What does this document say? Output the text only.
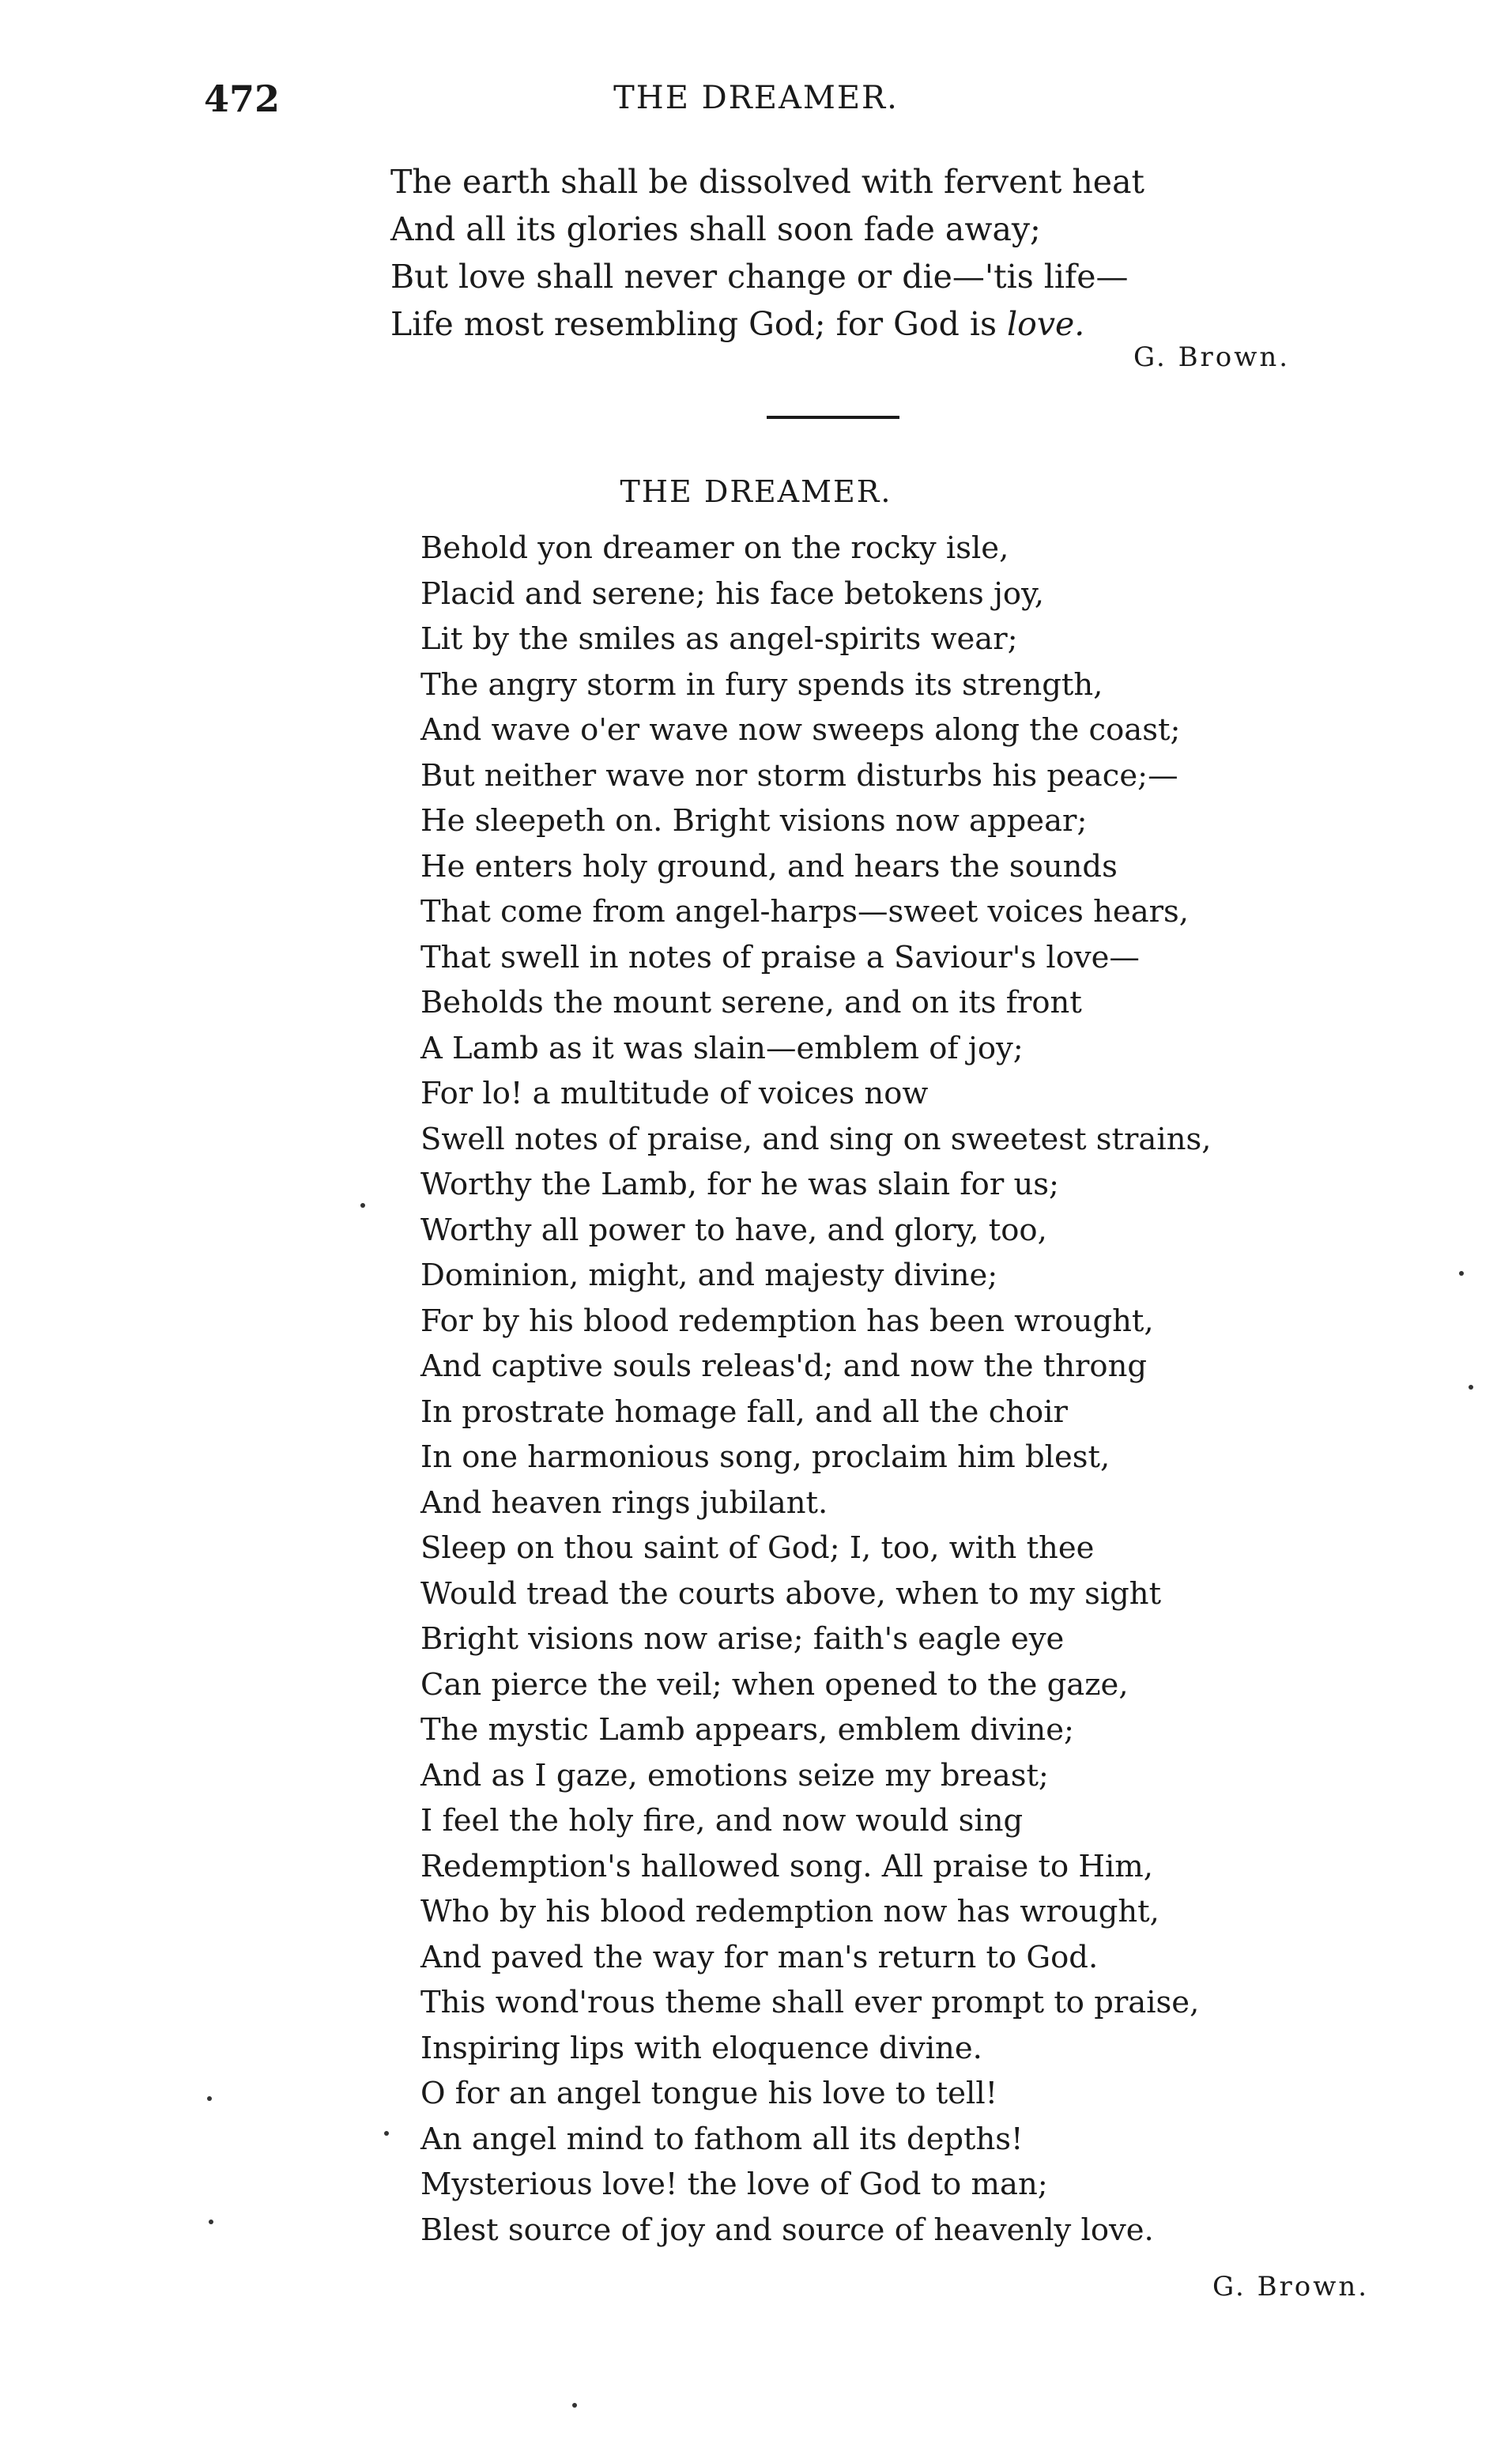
472	THE DREAMER.
The earth shall be dissolved with fervent heat
And all its glories shall soon fade away;
But love shall never change or die—'tis life—
Life most resembling God; for God is love.
G. Brown.
THE DREAMER.
Behold yon dreamer on the rocky isle,
Placid and serene; his face betokens joy,
Lit by the smiles as angel-spirits wear;
The angry storm in fury spends its strength,
And wave o'er wave now sweeps along the coast;
But neither wave nor storm disturbs his peace;—
He sleepeth on. Bright visions now appear;
He enters holy ground, and hears the sounds
That come from angel-harps—sweet voices hears,
That swell in notes of praise a Saviour's love—
Beholds the mount serene, and on its front
A Lamb as it was slain—emblem of joy;
For lo! a multitude of voices now
Swell notes of praise, and sing on sweetest strains,
Worthy the Lamb, for he was slain for us;
Worthy all power to have, and glory, too,
Dominion, might, and majesty divine;
For by his blood redemption has been wrought,
And captive souls releas'd; and now the throng
In prostrate homage fall, and all the choir
In one harmonious song, proclaim him blest,
And heaven rings jubilant.
Sleep on thou saint of God; I, too, with thee
Would tread the courts above, when to my sight
Bright visions now arise; faith's eagle eye
Can pierce the veil; when opened to the gaze,
The mystic Lamb appears, emblem divine;
And as I gaze, emotions seize my breast;
I feel the holy fire, and now would sing
Redemption's hallowed song. All praise to Him,
Who by his blood redemption now has wrought,
And paved the way for man's return to God.
This wond'rous theme shall ever prompt to praise,
Inspiring lips with eloquence divine.
O for an angel tongue his love to tell!
An angel mind to fathom all its depths!
Mysterious love! the love of God to man;
Blest source of joy and source of heavenly love.
G. Brown.
